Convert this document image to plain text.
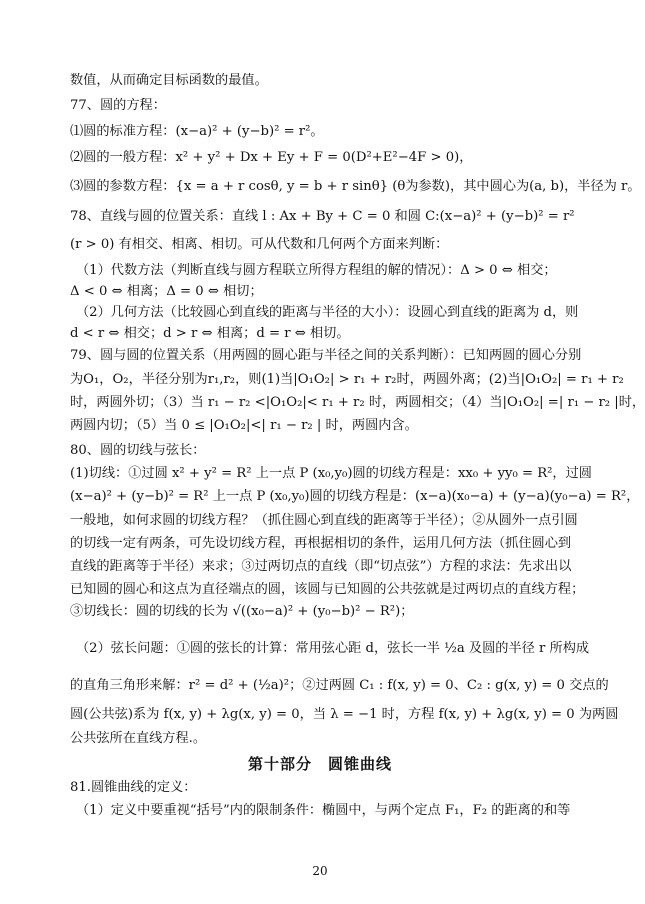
数值，从而确定目标函数的最值。
77、圆的方程：
⑴圆的标准方程：(x−a)² + (y−b)² = r²。
⑵圆的一般方程：x² + y² + Dx + Ey + F = 0(D²+E²−4F > 0)，
⑶圆的参数方程：{x = a + r cosθ, y = b + r sinθ} (θ为参数)，其中圆心为(a, b)，半径为 r。
78、直线与圆的位置关系：直线 l : Ax + By + C = 0 和圆 C:(x−a)² + (y−b)² = r²
(r > 0) 有相交、相离、相切。可从代数和几何两个方面来判断：
（1）代数方法（判断直线与圆方程联立所得方程组的解的情况）：Δ > 0 ⇔ 相交；
Δ < 0 ⇔ 相离；Δ = 0 ⇔ 相切；
（2）几何方法（比较圆心到直线的距离与半径的大小）：设圆心到直线的距离为 d，则
d < r ⇔ 相交；d > r ⇔ 相离；d = r ⇔ 相切。
79、圆与圆的位置关系（用两圆的圆心距与半径之间的关系判断）：已知两圆的圆心分别
为O₁，O₂，半径分别为r₁,r₂，则(1)当|O₁O₂| > r₁ + r₂时，两圆外离；(2)当|O₁O₂| = r₁ + r₂
时，两圆外切；（3）当 r₁ − r₂ <|O₁O₂|< r₁ + r₂ 时，两圆相交；（4）当|O₁O₂| =| r₁ − r₂ |时，
两圆内切；（5）当 0 ≤ |O₁O₂|<| r₁ − r₂ | 时，两圆内含。
80、圆的切线与弦长：
(1)切线：①过圆 x² + y² = R² 上一点 P (x₀,y₀)圆的切线方程是：xx₀ + yy₀ = R²，过圆
(x−a)² + (y−b)² = R² 上一点 P (x₀,y₀)圆的切线方程是：(x−a)(x₀−a) + (y−a)(y₀−a) = R²，
一般地，如何求圆的切线方程？（抓住圆心到直线的距离等于半径）；②从圆外一点引圆
的切线一定有两条，可先设切线方程，再根据相切的条件，运用几何方法（抓住圆心到
直线的距离等于半径）来求；③过两切点的直线（即“切点弦”）方程的求法：先求出以
已知圆的圆心和这点为直径端点的圆，该圆与已知圆的公共弦就是过两切点的直线方程；
③切线长：圆的切线的长为 √((x₀−a)² + (y₀−b)² − R²)；
（2）弦长问题：①圆的弦长的计算：常用弦心距 d，弦长一半 ½a 及圆的半径 r 所构成
的直角三角形来解：r² = d² + (½a)²；②过两圆 C₁ : f(x, y) = 0、C₂ : g(x, y) = 0 交点的
圆(公共弦)系为 f(x, y) + λg(x, y) = 0，当 λ = −1 时，方程 f(x, y) + λg(x, y) = 0 为两圆
公共弦所在直线方程.。
第十部分　圆锥曲线
81.圆锥曲线的定义：
（1）定义中要重视“括号”内的限制条件：椭圆中，与两个定点 F₁，F₂ 的距离的和等
20
